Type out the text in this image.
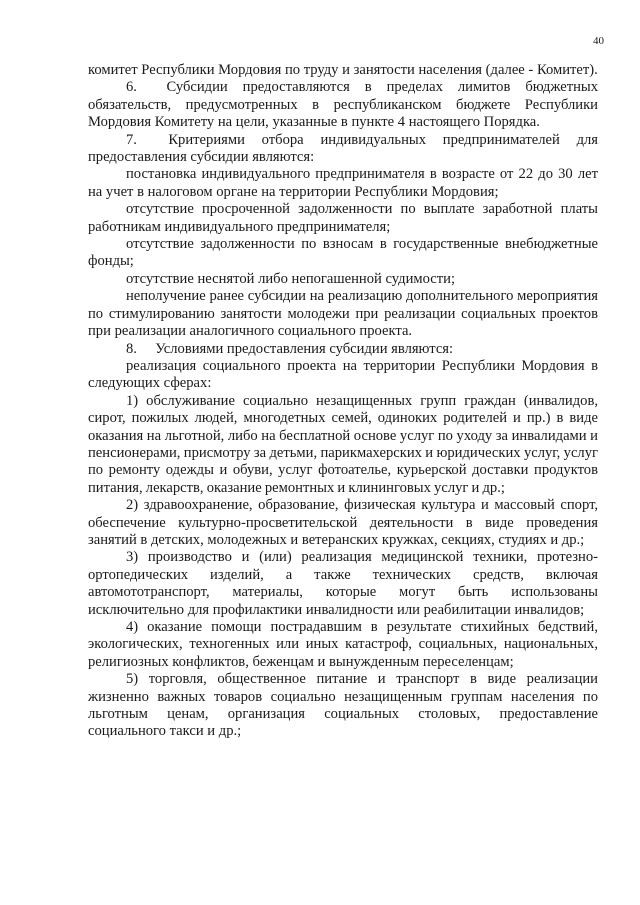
40

комитет Республики Мордовия по труду и занятости населения (далее - Комитет).

6.  Субсидии предоставляются в пределах лимитов бюджетных обязательств, предусмотренных в республиканском бюджете Республики Мордовия Комитету на цели, указанные в пункте 4 настоящего Порядка.

7.  Критериями отбора индивидуальных предпринимателей для предоставления субсидии являются:

постановка индивидуального предпринимателя в возрасте от 22 до 30 лет на учет в налоговом органе на территории Республики Мордовия;

отсутствие просроченной задолженности по выплате заработной платы работникам индивидуального предпринимателя;

отсутствие задолженности по взносам в государственные внебюджетные фонды;

отсутствие неснятой либо непогашенной судимости;

неполучение ранее субсидии на реализацию дополнительного мероприятия по стимулированию занятости молодежи при реализации социальных проектов при реализации аналогичного социального проекта.

8.  Условиями предоставления субсидии являются:

реализация социального проекта на территории Республики Мордовия в следующих сферах:

1) обслуживание социально незащищенных групп граждан (инвалидов, сирот, пожилых людей, многодетных семей, одиноких родителей и пр.) в виде оказания на льготной, либо на бесплатной основе услуг по уходу за инвалидами и пенсионерами, присмотру за детьми, парикмахерских и юридических услуг, услуг по ремонту одежды и обуви, услуг фотоателье, курьерской доставки продуктов питания, лекарств, оказание ремонтных и клининговых услуг и др.;

2) здравоохранение, образование, физическая культура и массовый спорт, обеспечение культурно-просветительской деятельности в виде проведения занятий в детских, молодежных и ветеранских кружках, секциях, студиях и др.;

3) производство и (или) реализация медицинской техники, протезно-ортопедических изделий, а также технических средств, включая автомототранспорт, материалы, которые могут быть использованы исключительно для профилактики инвалидности или реабилитации инвалидов;

4) оказание помощи пострадавшим в результате стихийных бедствий, экологических, техногенных или иных катастроф, социальных, национальных, религиозных конфликтов, беженцам и вынужденным переселенцам;

5) торговля, общественное питание и транспорт в виде реализации жизненно важных товаров социально незащищенным группам населения по льготным ценам, организация социальных столовых, предоставление социального такси и др.;
